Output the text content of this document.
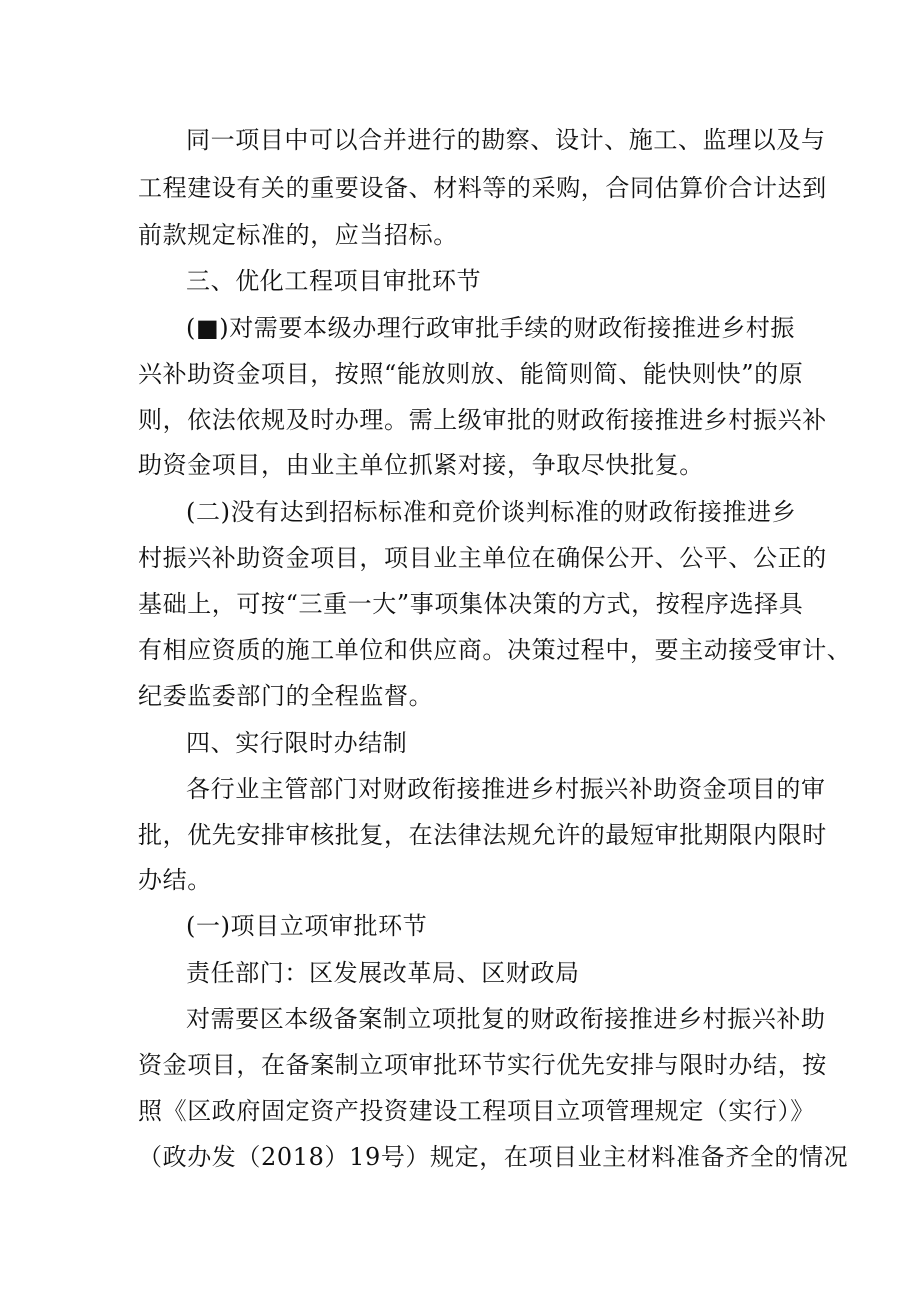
同一项目中可以合并进行的勘察、设计、施工、监理以及与
工程建设有关的重要设备、材料等的采购，合同估算价合计达到
前款规定标准的，应当招标。
三、优化工程项目审批环节
(■)对需要本级办理行政审批手续的财政衔接推进乡村振
兴补助资金项目，按照“能放则放、能简则简、能快则快”的原
则，依法依规及时办理。需上级审批的财政衔接推进乡村振兴补
助资金项目，由业主单位抓紧对接，争取尽快批复。
(二)没有达到招标标准和竞价谈判标准的财政衔接推进乡
村振兴补助资金项目，项目业主单位在确保公开、公平、公正的
基础上，可按“三重一大”事项集体决策的方式，按程序选择具
有相应资质的施工单位和供应商。决策过程中，要主动接受审计、
纪委监委部门的全程监督。
四、实行限时办结制
各行业主管部门对财政衔接推进乡村振兴补助资金项目的审
批，优先安排审核批复，在法律法规允许的最短审批期限内限时
办结。
(一)项目立项审批环节
责任部门：区发展改革局、区财政局
对需要区本级备案制立项批复的财政衔接推进乡村振兴补助
资金项目，在备案制立项审批环节实行优先安排与限时办结，按
照《区政府固定资产投资建设工程项目立项管理规定（实行）》
（政办发（2018）19号）规定，在项目业主材料准备齐全的情况
